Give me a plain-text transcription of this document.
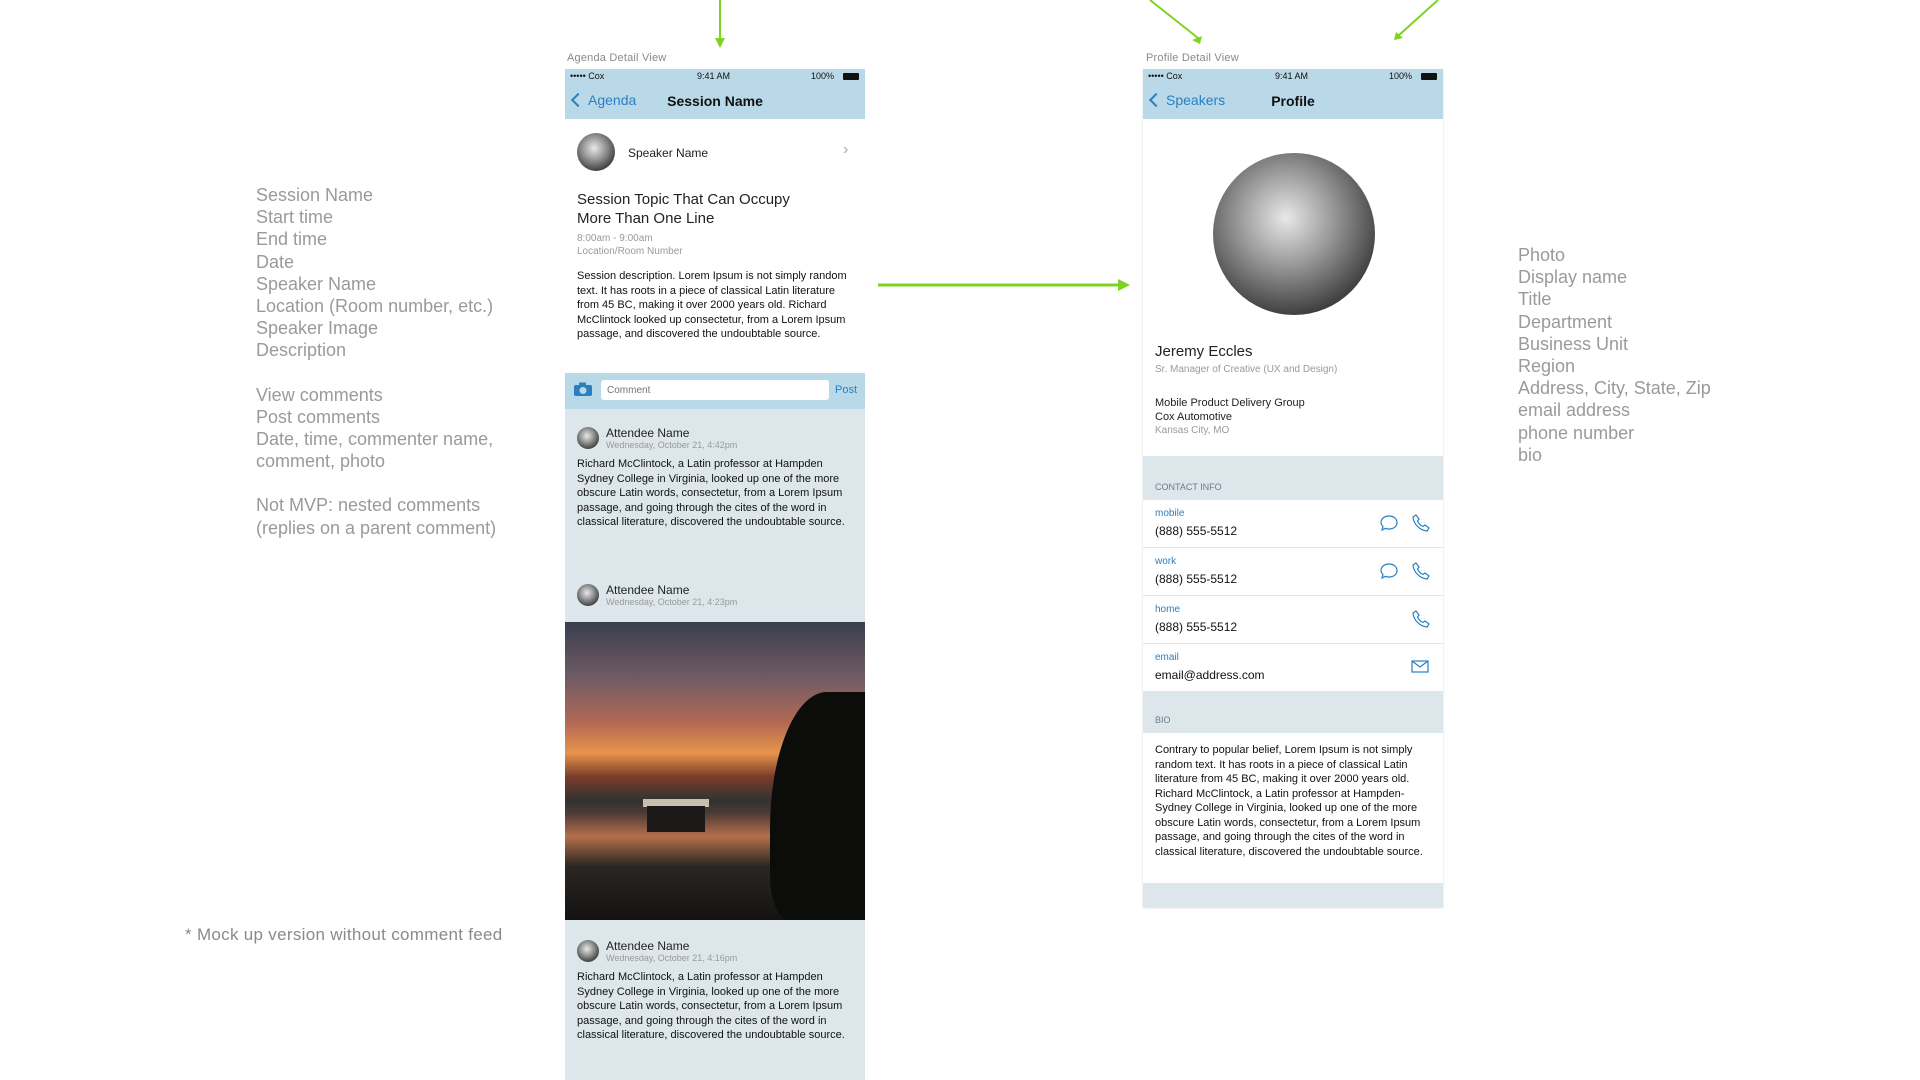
Session Name
Start time
End time
Date
Speaker Name
Location (Room number, etc.)
Speaker Image
Description
View comments
Post comments
Date, time, commenter name,
comment, photo
Not MVP: nested comments
(replies on a parent comment)
* Mock up version without comment feed
Photo
Display name
Title
Department
Business Unit
Region
Address, City, State, Zip
email address
phone number
bio
Agenda Detail View	Profile Detail View
••••• Cox	9:41 AM	100%
Agenda	Session Name
Speaker Name	›
Session Topic That Can Occupy
More Than One Line
8:00am - 9:00am
Location/Room Number
Session description. Lorem Ipsum is not simply random text. It has roots in a piece of classical Latin literature from 45 BC, making it over 2000 years old. Richard McClintock looked up consectetur, from a Lorem Ipsum passage, and discovered the undoubtable source.
Comment
Post
Attendee Name
Wednesday, October 21, 4:42pm
Richard McClintock, a Latin professor at Hampden Sydney College in Virginia, looked up one of the more obscure Latin words, consectetur, from a Lorem Ipsum passage, and going through the cites of the word in classical literature, discovered the undoubtable source.
Attendee Name
Wednesday, October 21, 4:23pm
Attendee Name
Wednesday, October 21, 4:16pm
Richard McClintock, a Latin professor at Hampden Sydney College in Virginia, looked up one of the more obscure Latin words, consectetur, from a Lorem Ipsum passage, and going through the cites of the word in classical literature, discovered the undoubtable source.
••••• Cox	9:41 AM	100%
Speakers	Profile
Jeremy Eccles
Sr. Manager of Creative (UX and Design)
Mobile Product Delivery Group
Cox Automotive
Kansas City, MO
CONTACT INFO
mobile
(888) 555-5512
work
(888) 555-5512
home
(888) 555-5512
email
email@address.com
BIO
Contrary to popular belief, Lorem Ipsum is not simply random text. It has roots in a piece of classical Latin literature from 45 BC, making it over 2000 years old. Richard McClintock, a Latin professor at Hampden-Sydney College in Virginia, looked up one of the more obscure Latin words, consectetur, from a Lorem Ipsum passage, and going through the cites of the word in classical literature, discovered the undoubtable source.
